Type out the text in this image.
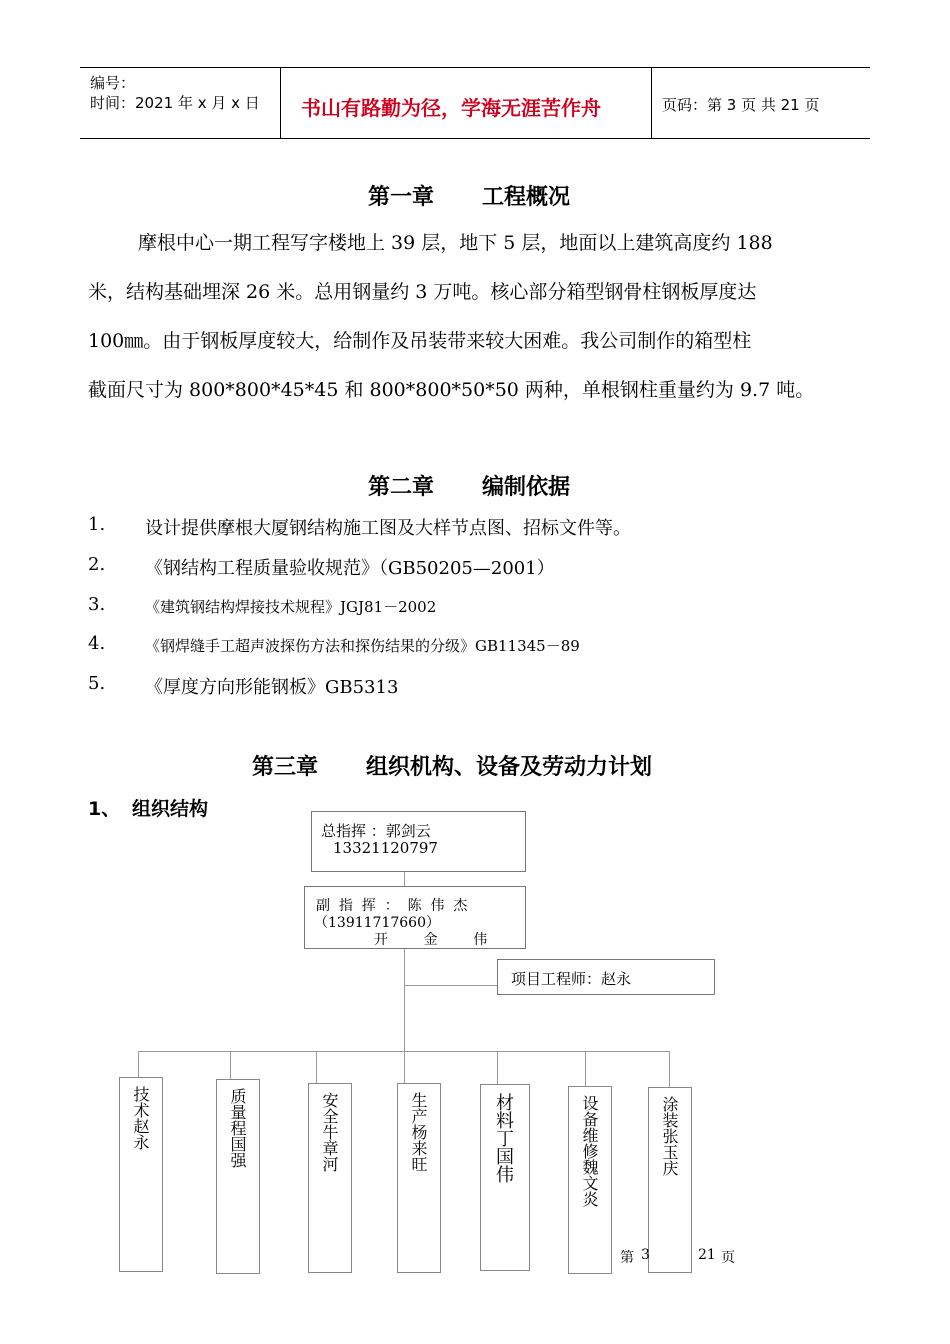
编号：
时间：2021 年 x 月 x 日 书山有路勤为径，学海无涯苦作舟	页码：第 3 页 共 21 页
第一章 工程概况
摩根中心一期工程写字楼地上 39 层，地下 5 层，地面以上建筑高度约 188
米，结构基础埋深 26 米。总用钢量约 3 万吨。核心部分箱型钢骨柱钢板厚度达
100㎜。由于钢板厚度较大，给制作及吊装带来较大困难。我公司制作的箱型柱
截面尺寸为 800*800*45*45 和 800*800*50*50 两种，单根钢柱重量约为 9.7 吨。
第二章 编制依据
1. 设计提供摩根大厦钢结构施工图及大样节点图、招标文件等。
2. 《钢结构工程质量验收规范》（GB50205—2001）
3.	《建筑钢结构焊接技术规程》JGJ81－2002
4.	《钢焊缝手工超声波探伤方法和探伤结果的分级》GB11345－89
5. 《厚度方向形能钢板》GB5313
第三章 组织机构、设备及劳动力计划
1、 组织结构
总指挥 ：郭剑云
13321120797
副  指  挥  ：  陈  伟  杰
（13911717660）
开        金        伟
项目工程师：赵永
技术赵永
质量程国强
安全牛章河
生产杨来旺
材料丁国伟	设备维修魏文炎
涂装张玉庆
第 3	21 页
